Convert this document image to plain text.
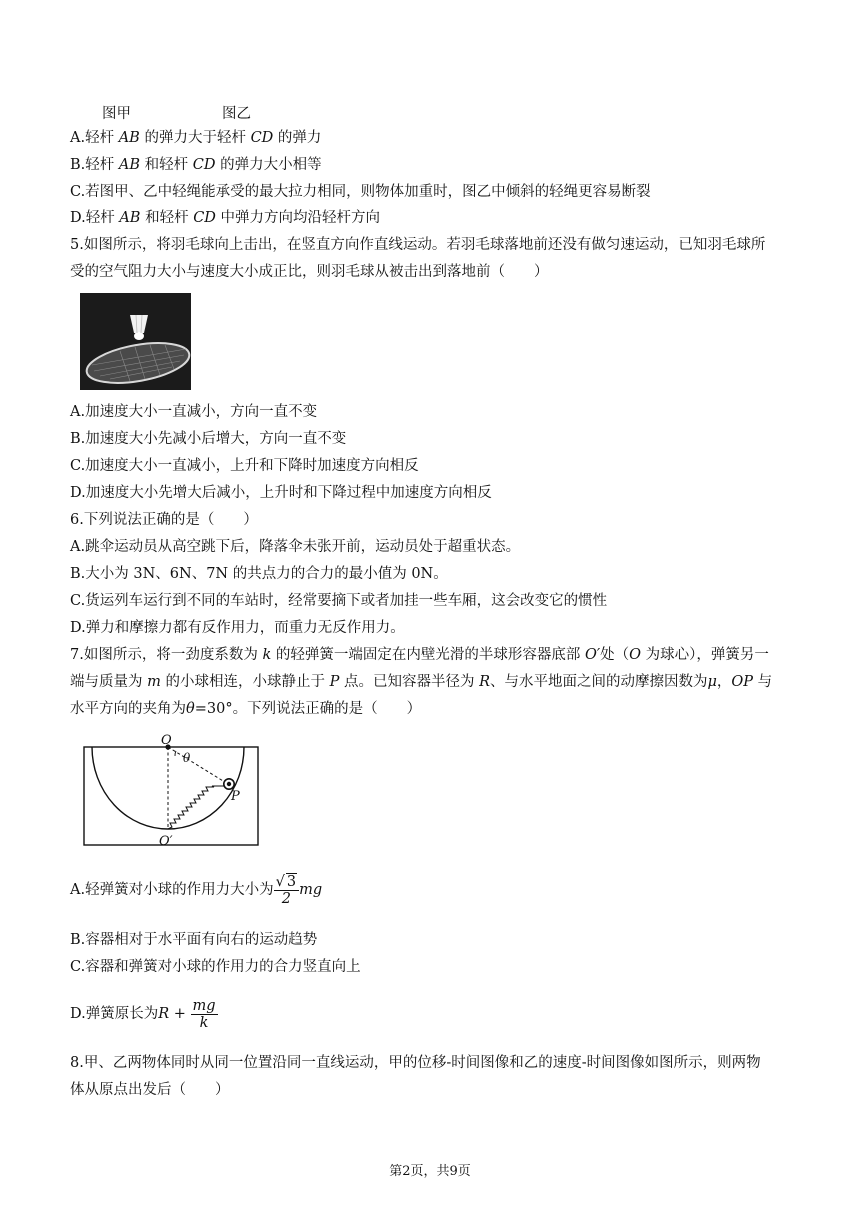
图甲	图乙
A.轻杆 AB 的弹力大于轻杆 CD 的弹力
B.轻杆 AB 和轻杆 CD 的弹力大小相等
C.若图甲、乙中轻绳能承受的最大拉力相同，则物体加重时，图乙中倾斜的轻绳更容易断裂
D.轻杆 AB 和轻杆 CD 中弹力方向均沿轻杆方向
5.如图所示，将羽毛球向上击出，在竖直方向作直线运动。若羽毛球落地前还没有做匀速运动，已知羽毛球所
受的空气阻力大小与速度大小成正比，则羽毛球从被击出到落地前（　　）
A.加速度大小一直减小，方向一直不变
B.加速度大小先减小后增大，方向一直不变
C.加速度大小一直减小，上升和下降时加速度方向相反
D.加速度大小先增大后减小，上升时和下降过程中加速度方向相反
6.下列说法正确的是（　　）
A.跳伞运动员从高空跳下后，降落伞未张开前，运动员处于超重状态。
B.大小为 3N、6N、7N 的共点力的合力的最小值为 0N。
C.货运列车运行到不同的车站时，经常要摘下或者加挂一些车厢，这会改变它的惯性
D.弹力和摩擦力都有反作用力，而重力无反作用力。
7.如图所示，将一劲度系数为 k 的轻弹簧一端固定在内壁光滑的半球形容器底部 O′处（O 为球心），弹簧另一
端与质量为 m 的小球相连，小球静止于 P 点。已知容器半径为 R、与水平地面之间的动摩擦因数为μ，OP 与
水平方向的夹角为θ=30°。下列说法正确的是（　　）
O
θ
P
O′
A.轻弹簧对小球的作用力大小为 $\frac{√ 3}{2}$ mg
B.容器相对于水平面有向右的运动趋势
C.容器和弹簧对小球的作用力的合力竖直向上
D.弹簧原长为$R + \frac{mg}{k}$
8.甲、乙两物体同时从同一位置沿同一直线运动，甲的位移-时间图像和乙的速度-时间图像如图所示，则两物
体从原点出发后（　　）
第2页，共9页
